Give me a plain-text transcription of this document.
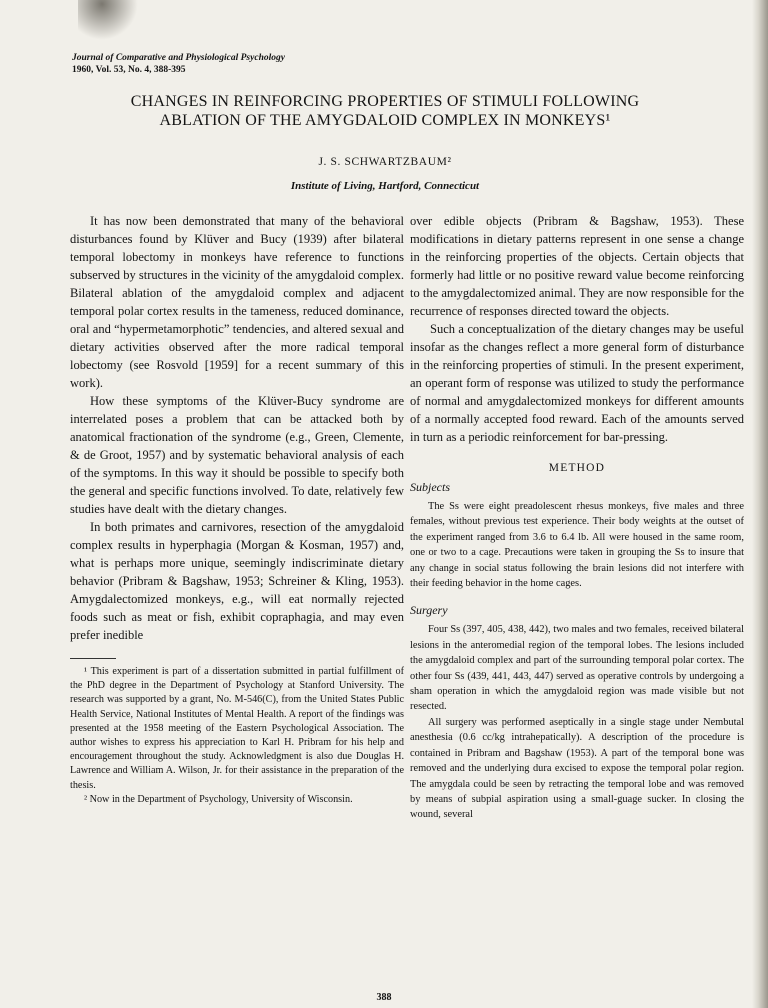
Journal of Comparative and Physiological Psychology
1960, Vol. 53, No. 4, 388-395
CHANGES IN REINFORCING PROPERTIES OF STIMULI FOLLOWING ABLATION OF THE AMYGDALOID COMPLEX IN MONKEYS¹
J. S. SCHWARTZBAUM²
Institute of Living, Hartford, Connecticut

It has now been demonstrated that many of the behavioral disturbances found by Klüver and Bucy (1939) after bilateral temporal lobectomy in monkeys have reference to functions subserved by structures in the vicinity of the amygdaloid complex. Bilateral ablation of the amygdaloid complex and adjacent temporal polar cortex results in the tameness, reduced dominance, oral and “hypermetamorphotic” tendencies, and altered sexual and dietary activities observed after the more radical temporal lobectomy (see Rosvold [1959] for a recent summary of this work).

How these symptoms of the Klüver-Bucy syndrome are interrelated poses a problem that can be attacked both by anatomical fractionation of the syndrome (e.g., Green, Clemente, & de Groot, 1957) and by systematic behavioral analysis of each of the symptoms. In this way it should be possible to specify both the general and specific functions involved. To date, relatively few studies have dealt with the dietary changes.

In both primates and carnivores, resection of the amygdaloid complex results in hyperphagia (Morgan & Kosman, 1957) and, what is perhaps more unique, seemingly indiscriminate dietary behavior (Pribram & Bagshaw, 1953; Schreiner & Kling, 1953). Amygdalectomized monkeys, e.g., will eat normally rejected foods such as meat or fish, exhibit copraphagia, and may even prefer inedible

¹ This experiment is part of a dissertation submitted in partial fulfillment of the PhD degree in the Department of Psychology at Stanford University. The research was supported by a grant, No. M-546(C), from the United States Public Health Service, National Institutes of Mental Health. A report of the findings was presented at the 1958 meeting of the Eastern Psychological Association. The author wishes to express his appreciation to Karl H. Pribram for his help and encouragement throughout the study. Acknowledgment is also due Douglas H. Lawrence and William A. Wilson, Jr. for their assistance in the preparation of the thesis.

² Now in the Department of Psychology, University of Wisconsin.

over edible objects (Pribram & Bagshaw, 1953). These modifications in dietary patterns represent in one sense a change in the reinforcing properties of the objects. Certain objects that formerly had little or no positive reward value become reinforcing to the amygdalectomized animal. They are now responsible for the recurrence of responses directed toward the objects.

Such a conceptualization of the dietary changes may be useful insofar as the changes reflect a more general form of disturbance in the reinforcing properties of stimuli. In the present experiment, an operant form of response was utilized to study the performance of normal and amygdalectomized monkeys for different amounts of a normally accepted food reward. Each of the amounts served in turn as a periodic reinforcement for bar-pressing.

METHOD
Subjects

The Ss were eight preadolescent rhesus monkeys, five males and three females, without previous test experience. Their body weights at the outset of the experiment ranged from 3.6 to 6.4 lb. All were housed in the same room, one or two to a cage. Precautions were taken in grouping the Ss to insure that any change in social status following the brain lesions did not interfere with their feeding behavior in the home cages.

Surgery

Four Ss (397, 405, 438, 442), two males and two females, received bilateral lesions in the anteromedial region of the temporal lobes. The lesions included the amygdaloid complex and part of the surrounding temporal polar cortex. The other four Ss (439, 441, 443, 447) served as operative controls by undergoing a sham operation in which the amygdaloid region was made visible but not resected.

All surgery was performed aseptically in a single stage under Nembutal anesthesia (0.6 cc/kg intrahepatically). A description of the procedure is contained in Pribram and Bagshaw (1953). A part of the temporal bone was removed and the underlying dura excised to expose the temporal polar region. The amygdala could be seen by retracting the temporal lobe and was removed by means of subpial aspiration using a small-guage sucker. In closing the wound, several

388
